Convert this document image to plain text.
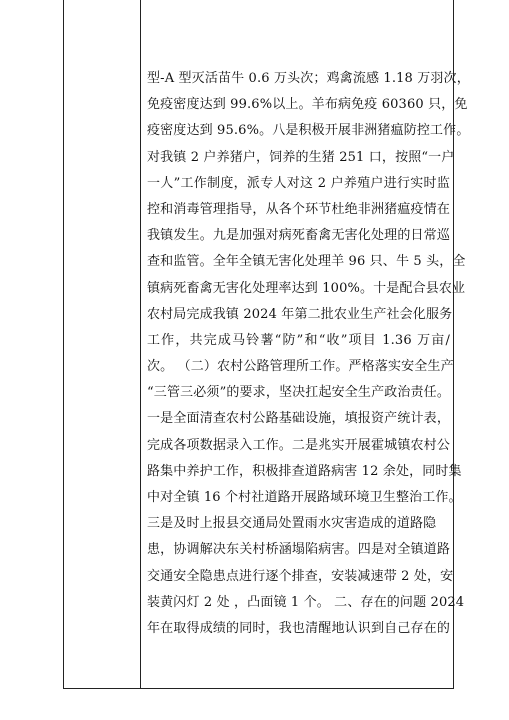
型-A 型灭活苗牛 0.6 万头次；鸡禽流感 1.18 万羽次，
免疫密度达到 99.6%以上。羊布病免疫 60360 只，免
疫密度达到 95.6%。八是积极开展非洲猪瘟防控工作。
对我镇 2 户养猪户，饲养的生猪 251 口，按照“一户
一人”工作制度，派专人对这 2 户养殖户进行实时监
控和消毒管理指导，从各个环节杜绝非洲猪瘟疫情在
我镇发生。九是加强对病死畜禽无害化处理的日常巡
查和监管。全年全镇无害化处理羊 96 只、牛 5 头，全
镇病死畜禽无害化处理率达到 100%。十是配合县农业
农村局完成我镇 2024 年第二批农业生产社会化服务
工作，共完成马铃薯“防”和“收”项目 1.36 万亩/
次。 （二）农村公路管理所工作。严格落实安全生产
“三管三必须”的要求，坚决扛起安全生产政治责任。
一是全面清查农村公路基础设施，填报资产统计表，
完成各项数据录入工作。二是兆实开展霍城镇农村公
路集中养护工作，积极排查道路病害 12 余处，同时集
中对全镇 16 个村社道路开展路域环境卫生整治工作。
三是及时上报县交通局处置雨水灾害造成的道路隐
患，协调解决东关村桥涵塌陷病害。四是对全镇道路
交通安全隐患点进行逐个排查，安装减速带 2 处，安
装黄闪灯 2 处 ，凸面镜 1 个。 二、存在的问题 2024
年在取得成绩的同时，我也清醒地认识到自己存在的
